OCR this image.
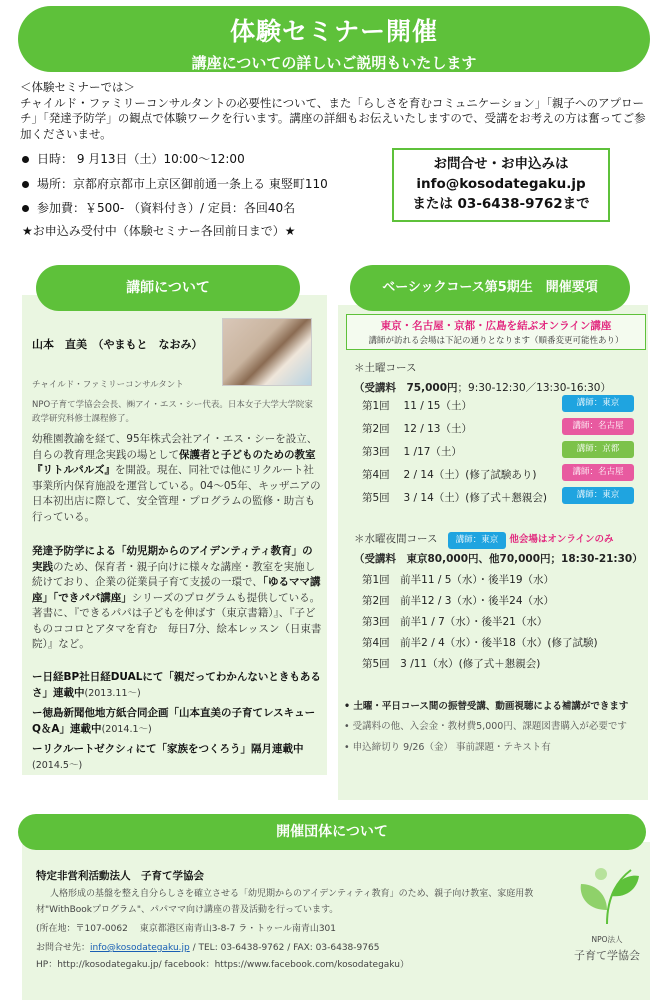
体験セミナー開催
講座についての詳しいご説明もいたします
＜体験セミナーでは＞
チャイルド・ファミリーコンサルタントの必要性について、また「らしさを育むコミュニケーション」「親子へのアプローチ」「発達予防学」の観点で体験ワークを行います。講座の詳細もお伝えいたしますので、受講をお考えの方は奮ってご参加くださいませ。
日時： 9 月13日（土）10:00～12:00
場所：京都府京都市上京区御前通一条上る 東竪町110
参加費：￥500- （資料付き）/ 定員：各回40名
★お申込み受付中（体験セミナー各回前日まで）★
お問合せ・お申込みは
info@kosodategaku.jp
または 03-6438-9762まで
講師について
山本　直美　（やまもと　なおみ）
チャイルド・ファミリーコンサルタント
NPO子育て学協会会長、㈱アイ・エス・シー代表。日本女子大学大学院家政学研究科修士課程修了。
幼稚園教諭を経て、95年株式会社アイ・エス・シーを設立、自らの教育理念実践の場として保護者と子どものための教室『リトルパルズ』を開設。現在、同社では他にリクルート社事業所内保育施設を運営している。04～05年、キッザニアの日本初出店に際して、安全管理・プログラムの監修・助言も行っている。
発達予防学による「幼児期からのアイデンティティ教育」の実践のため、保育者・親子向けに様々な講座・教室を実施し続けており、企業の従業員子育て支援の一環で、「ゆるママ講座」「できパパ講座」シリーズのプログラムも提供している。著書に、『できるパパは子どもを伸ばす（東京書籍）』、『子どものココロとアタマを育む　毎日7分、絵本レッスン（日東書院）』など。
ー日経BP社日経DUALにて「親だってわかんないときもあるさ」連載中(2013.11～)
ー徳島新聞他地方紙合同企画「山本直美の子育てレスキューQ＆A」連載中(2014.1～)
ーリクルートゼクシィにて「家族をつくろう」隔月連載中
(2014.5～)
ベーシックコース第5期生　開催要項
東京・名古屋・京都・広島を結ぶオンライン講座
講師が訪れる会場は下記の通りとなります（順番変更可能性あり）
＊土曜コース
（受講料　 75,000円；9:30-12:30／13:30-16:30）
第1回　 11 / 15（土）	講師：東京
第2回　 12 / 13（土）	講師：名古屋
第3回　 1 /17（土）	講師：京都
第4回　 2 / 14（土）(修了試験あり)	講師：名古屋
第5回　 3 / 14（土）(修了式＋懇親会)	講師：東京
＊水曜夜間コース　 講師：東京 他会場はオンラインのみ
（受講料　東京80,000円、他70,000円；18:30-21:30）
第1回　前半11 / 5（水）・後半19（水）
第2回　前半12 / 3（水）・後半24（水）
第3回　前半1 / 7（水）・後半21（水）
第4回　前半2 / 4（水）・後半18（水）(修了試験)
第5回　3 /11（水）(修了式＋懇親会)
• 土曜・平日コース間の振替受講、動画視聴による補講ができます
• 受講料の他、入会金・教材費5,000円、課題図書購入が必要です
• 申込締切り 9/26（金） 事前課題・テキスト有
開催団体について
特定非営利活動法人　子育て学協会
人格形成の基盤を整え自分らしさを確立させる「幼児期からのアイデンティティ教育」のため、親子向け教室、家庭用教材"WithBookプログラム"、パパママ向け講座の普及活動を行っています。
(所在地：〒107-0062　 東京都港区南青山3-8-7 ラ・トゥール南青山301
お問合せ先：info@kosodategaku.jp / TEL: 03-6438-9762 / FAX: 03-6438-9765
HP：http://kosodategaku.jp/ facebook：https://www.facebook.com/kosodategaku）
NPO法人
子育て学協会
